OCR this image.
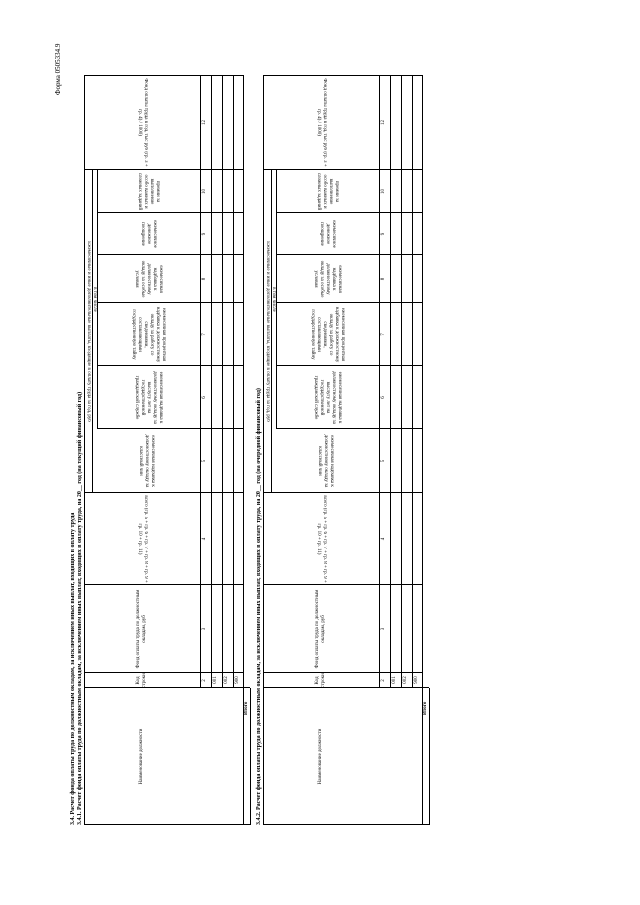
Форма 0505334.9
3.4. Расчет фонда оплаты труда по должностным окладам, за исключением иных выплат, входящих в оплату труда 3.4.1. Расчет фонда оплаты труда по должностным окладам, за исключением иных выплат, входящих в оплату труда, на 20__ год (на текущий финансовый год)	Наименование должности
Код строки
Фонд оплаты труда по должностным окладам, руб
всего (гр. 5 + гр. 6 + гр. 7 + гр. 8 + гр. 9 + гр. 10 + гр. 11)
Ежемесячные и иные дополнительные выплаты, входящие в оплату труда за год, руб в том числе
ежемесячная надбавка к должностному окладу за классный чин
ежемесячная надбавка к должностному окладу за выслугу лет на государственной гражданской службе
ежемесячная процентная надбавка к должностному окладу за работу со сведениями, составляющими государственную тайну
ежемесячная надбавка к должностному окладу за особые условия
ежемесячное денежное поощрение
премии за выполнение особо важных и сложных заданий
Фонд оплаты труда в год, тыс руб (гр. 3 + гр. 4) / 1000)
2
3
4
5
6
7
8
9
10
12
001 002 900
Итого 3.4.2. Расчет фонда оплаты труда по должностным окладам, за исключением иных выплат, входящих в оплату труда, на 20__ год (на очередной финансовый год)	Наименование должности
Код строки
Фонд оплаты труда по должностным окладам, руб
всего (гр. 5 + гр. 6 + гр. 7 + гр. 8 + гр. 9 + гр. 10 + гр. 11)
Ежемесячные и иные дополнительные выплаты, входящие в оплату труда за год, руб в том числе
ежемесячная надбавка к должностному окладу за классный чин
ежемесячная надбавка к должностному окладу за выслугу лет на государственной гражданской службе
ежемесячная процентная надбавка к должностному окладу за работу со сведениями, составляющими государственную тайну
ежемесячная надбавка к должностному окладу за особые условия
ежемесячное денежное поощрение
премии за выполнение особо важных и сложных заданий
Фонд оплаты труда в год, тыс руб (гр. 3 + гр. 4) / 1000)
2
3
4
5
6
7
8
9
10
12
001 002 900
Итого
